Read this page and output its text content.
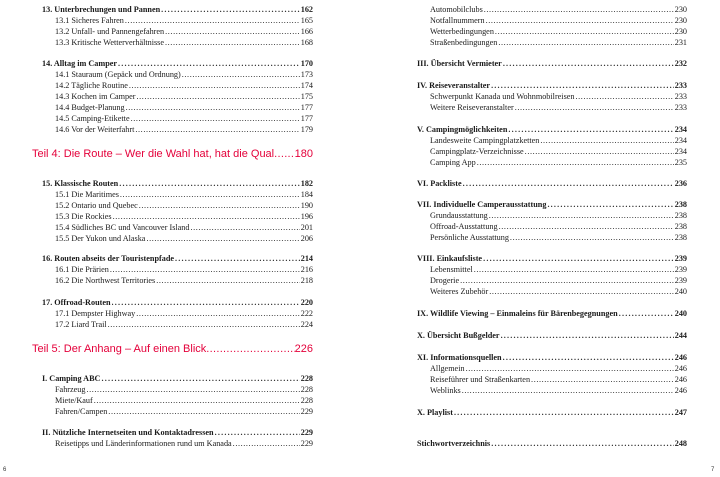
13. Unterbrechungen und Pannen .....	162
13.1 Sicheres Fahren .....	165
13.2 Unfall- und Pannengefahren .....	166
13.3 Kritische Wetterverhältnisse .....	168
14. Alltag im Camper .....	170
14.1 Stauraum (Gepäck und Ordnung) .....	173
14.2 Tägliche Routine .....	174
14.3 Kochen im Camper .....	175
14.4 Budget-Planung .....	177
14.5 Camping-Etikette .....	177
14.6 Vor der Weiterfahrt .....	179
Teil 4: Die Route – Wer die Wahl hat, hat die Qual ..... 180
15. Klassische Routen .....	182
15.1 Die Maritimes .....	184
15.2 Ontario und Quebec .....	190
15.3 Die Rockies .....	196
15.4 Südliches BC und Vancouver Island .....	201
15.5 Der Yukon und Alaska .....	206
16. Routen abseits der Touristenpfade .....	214
16.1 Die Prärien .....	216
16.2 Die Northwest Territories .....	218
17. Offroad-Routen .....	220
17.1 Dempster Highway .....	222
17.2 Liard Trail .....	224
Teil 5: Der Anhang – Auf einen Blick .....	226
I. Camping ABC .....	228
Fahrzeug .....	228
Miete/Kauf .....	228
Fahren/Campen .....	229
II. Nützliche Internetseiten und Kontaktadressen .....	229
Reisetipps und Länderinformationen rund um Kanada .....	229
Automobilclubs .....	230
Notfallnummern .....	230
Wetterbedingungen .....	230
Straßenbedingungen .....	231
III. Übersicht Vermieter .....	232
IV. Reiseveranstalter .....	233
Schwerpunkt Kanada und Wohnmobilreisen .....	233
Weitere Reiseveranstalter .....	233
V. Campingmöglichkeiten .....	234
Landesweite Campingplatzketten .....	234
Campingplatz-Verzeichnisse .....	234
Camping App .....	235
VI. Packliste .....	236
VII. Individuelle Camperausstattung .....	238
Grundausstattung .....	238
Offroad-Ausstattung .....	238
Persönliche Ausstattung .....	238
VIII. Einkaufsliste .....	239
Lebensmittel .....	239
Drogerie .....	239
Weiteres Zubehör .....	240
IX. Wildlife Viewing – Einmaleins für Bärenbegegnungen .....	240
X. Übersicht Bußgelder .....	244
XI. Informationsquellen .....	246
Allgemein .....	246
Reiseführer und Straßenkarten .....	246
Weblinks .....	246
X. Playlist .....	247
Stichwortverzeichnis .....	248
6	7
